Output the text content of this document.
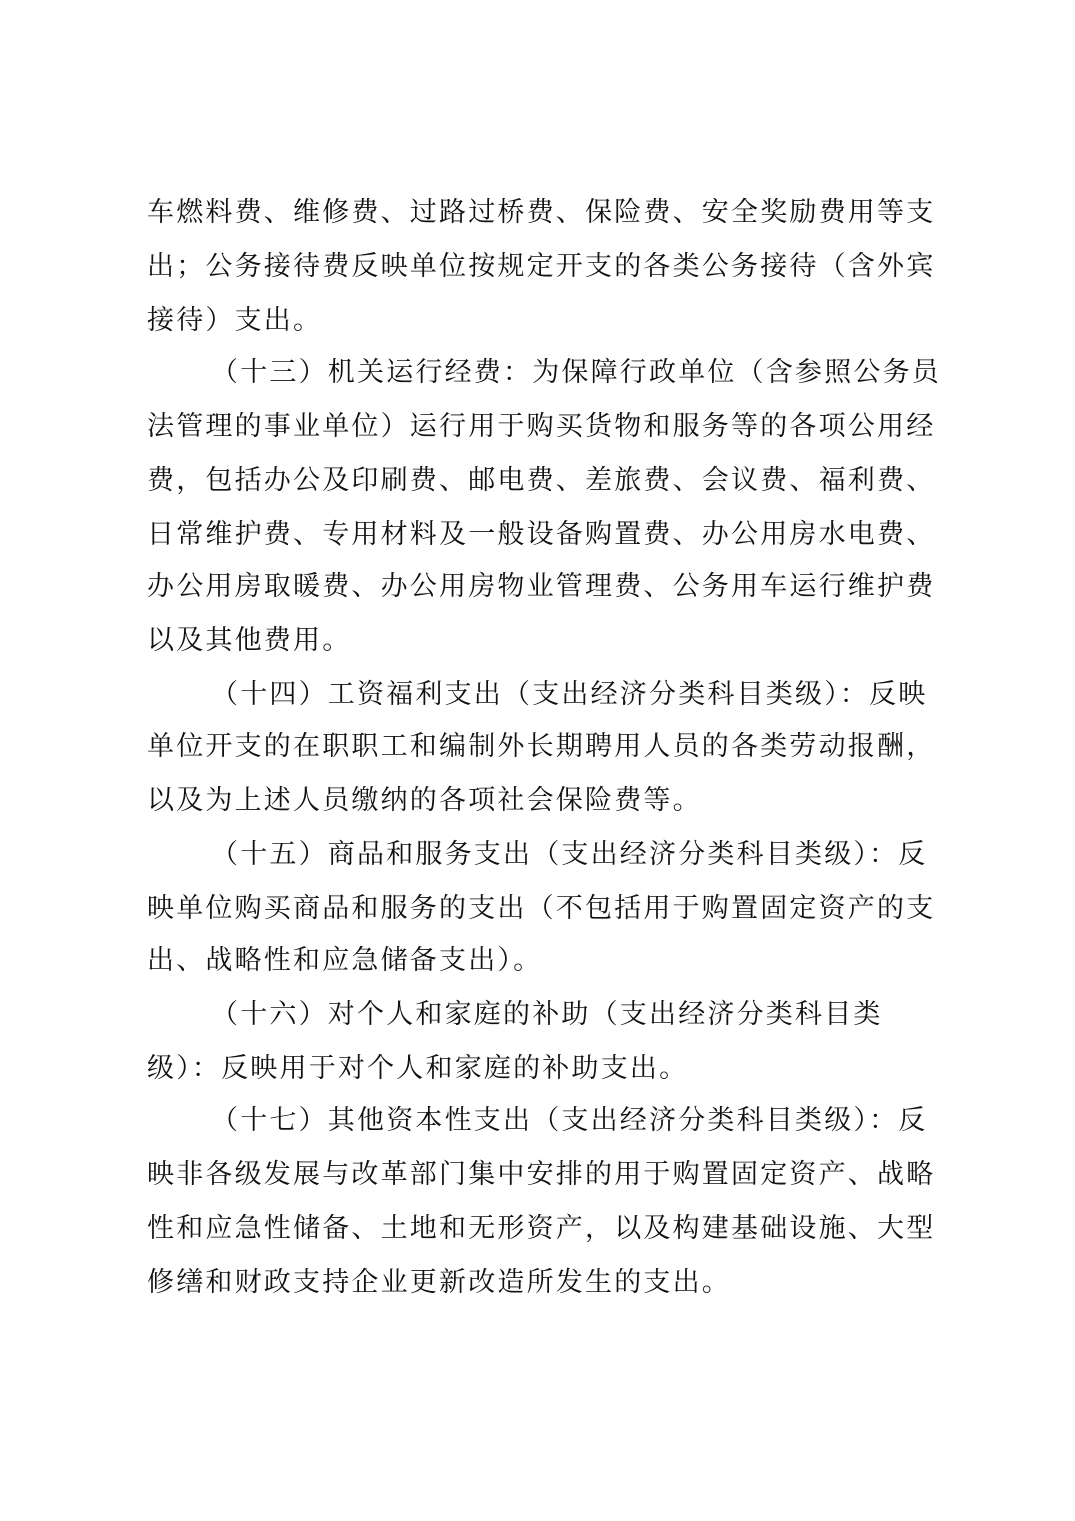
车燃料费、维修费、过路过桥费、保险费、安全奖励费用等支
出；公务接待费反映单位按规定开支的各类公务接待（含外宾
接待）支出。
（十三）机关运行经费：为保障行政单位（含参照公务员
法管理的事业单位）运行用于购买货物和服务等的各项公用经
费，包括办公及印刷费、邮电费、差旅费、会议费、福利费、
日常维护费、专用材料及一般设备购置费、办公用房水电费、
办公用房取暖费、办公用房物业管理费、公务用车运行维护费
以及其他费用。
（十四）工资福利支出（支出经济分类科目类级）：反映
单位开支的在职职工和编制外长期聘用人员的各类劳动报酬，
以及为上述人员缴纳的各项社会保险费等。
（十五）商品和服务支出（支出经济分类科目类级）：反
映单位购买商品和服务的支出（不包括用于购置固定资产的支
出、战略性和应急储备支出）。
（十六）对个人和家庭的补助（支出经济分类科目类
级）：反映用于对个人和家庭的补助支出。
（十七）其他资本性支出（支出经济分类科目类级）：反
映非各级发展与改革部门集中安排的用于购置固定资产、战略
性和应急性储备、土地和无形资产，以及构建基础设施、大型
修缮和财政支持企业更新改造所发生的支出。
